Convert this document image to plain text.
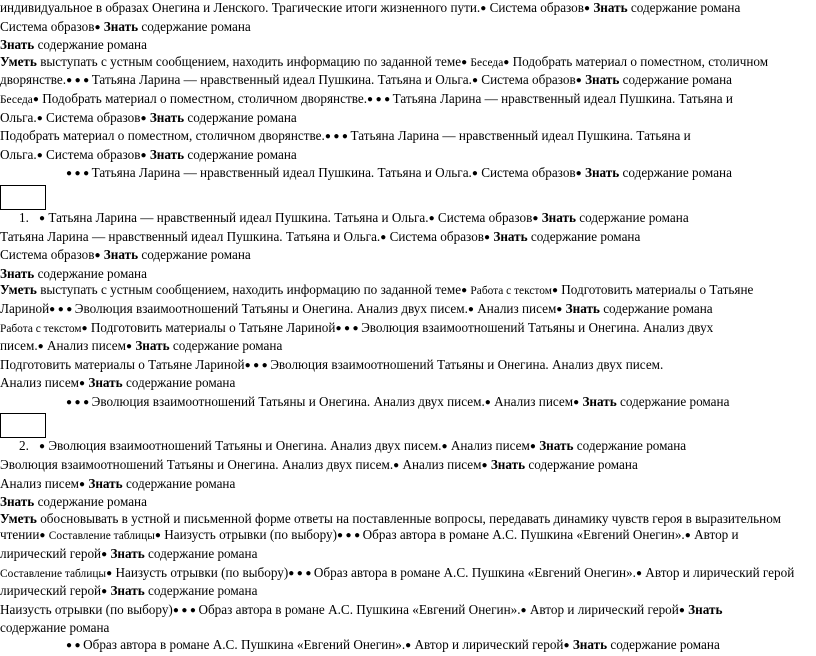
индивидуальное в образах Онегина и Ленского. Трагические итоги жизненного пути.● Система образов● Знать содержание романа

Система образов● Знать содержание романа

Знать содержание романа

Уметь выступать с устным сообщением, находить информацию по заданной теме● Беседа● Подобрать материал о поместном, столичном

дворянстве.● ● ● Татьяна Ларина — нравственный идеал Пушкина. Татьяна и Ольга.● Система образов● Знать содержание романа

Беседа● Подобрать материал о поместном, столичном дворянстве.● ● ● Татьяна Ларина — нравственный идеал Пушкина. Татьяна и

Ольга.● Система образов● Знать содержание романа

Подобрать материал о поместном, столичном дворянстве.● ● ● Татьяна Ларина — нравственный идеал Пушкина. Татьяна и

Ольга.● Система образов● Знать содержание романа

● ● ● Татьяна Ларина — нравственный идеал Пушкина. Татьяна и Ольга.● Система образов● Знать содержание романа

1. ● Татьяна Ларина — нравственный идеал Пушкина. Татьяна и Ольга.● Система образов● Знать содержание романа

Татьяна Ларина — нравственный идеал Пушкина. Татьяна и Ольга.● Система образов● Знать содержание романа

Система образов● Знать содержание романа

Знать содержание романа

Уметь выступать с устным сообщением, находить информацию по заданной теме● Работа с текстом● Подготовить материалы о Татьяне

Лариной● ● ● Эволюция взаимоотношений Татьяны и Онегина. Анализ двух писем.● Анализ писем● Знать содержание романа

Работа с текстом● Подготовить материалы о Татьяне Лариной● ● ● Эволюция взаимоотношений Татьяны и Онегина. Анализ двух

писем.● Анализ писем● Знать содержание романа

Подготовить материалы о Татьяне Лариной● ● ● Эволюция взаимоотношений Татьяны и Онегина. Анализ двух писем.

Анализ писем● Знать содержание романа

● ● ● Эволюция взаимоотношений Татьяны и Онегина. Анализ двух писем.● Анализ писем● Знать содержание романа

2. ● Эволюция взаимоотношений Татьяны и Онегина. Анализ двух писем.● Анализ писем● Знать содержание романа

Эволюция взаимоотношений Татьяны и Онегина. Анализ двух писем.● Анализ писем● Знать содержание романа

Анализ писем● Знать содержание романа

Знать содержание романа

Уметь обосновывать в устной и письменной форме ответы на поставленные вопросы, передавать динамику чувств героя в выразительном

чтении● Составление таблицы● Наизусть отрывки (по выбору)● ● ● Образ автора в романе А.С. Пушкина «Евгений Онегин».● Автор и

лирический герой● Знать содержание романа

Составление таблицы● Наизусть отрывки (по выбору)● ● ● Образ автора в романе А.С. Пушкина «Евгений Онегин».● Автор и лирический герой

лирический герой● Знать содержание романа

Наизусть отрывки (по выбору)● ● ● Образ автора в романе А.С. Пушкина «Евгений Онегин».● Автор и лирический герой● Знать

содержание романа

● ● Образ автора в романе А.С. Пушкина «Евгений Онегин».● Автор и лирический герой● Знать содержание романа
